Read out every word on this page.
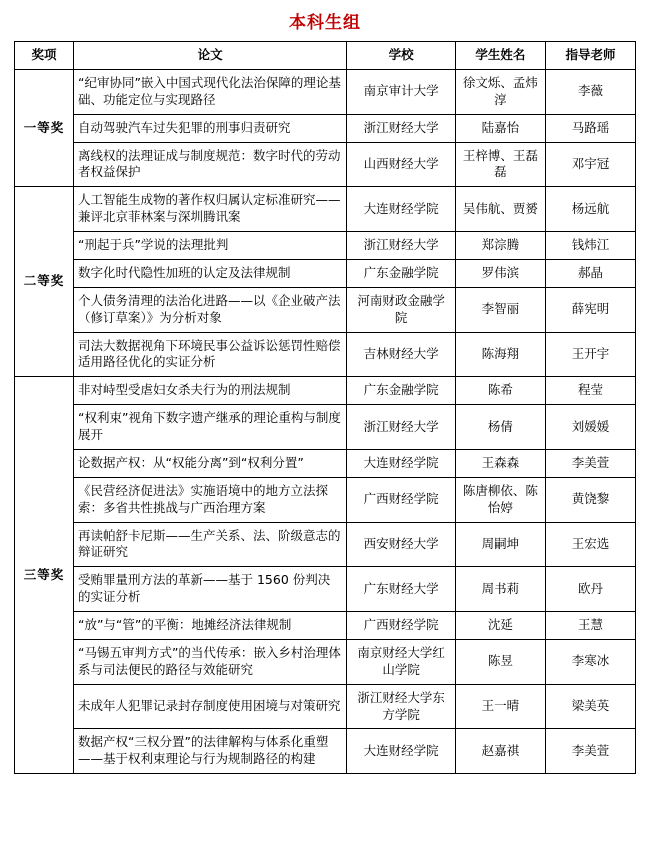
本科生组
奖项	论文	学校	学生姓名	指导老师
一等奖	“纪审协同”嵌入中国式现代化法治保障的理论基础、功能定位与实现路径	南京审计大学	徐文烁、孟炜淳	李薇
	自动驾驶汽车过失犯罪的刑事归责研究	浙江财经大学	陆嘉怡	马路瑶
	离线权的法理证成与制度规范：数字时代的劳动者权益保护	山西财经大学	王梓博、王磊磊	邓宇冠
二等奖	人工智能生成物的著作权归属认定标准研究——兼评北京菲林案与深圳腾讯案	大连财经学院	吴伟航、贾赟	杨远航
	“刑起于兵”学说的法理批判	浙江财经大学	郑淙腾	钱炜江
	数字化时代隐性加班的认定及法律规制	广东金融学院	罗伟滨	郝晶
	个人债务清理的法治化进路——以《企业破产法（修订草案）》为分析对象	河南财政金融学院	李智丽	薛宪明
	司法大数据视角下环境民事公益诉讼惩罚性赔偿适用路径优化的实证分析	吉林财经大学	陈海翔	王开宇
三等奖	非对峙型受虐妇女杀夫行为的刑法规制	广东金融学院	陈希	程莹
	“权利束”视角下数字遗产继承的理论重构与制度展开	浙江财经大学	杨倩	刘媛媛
	论数据产权：从“权能分离”到“权利分置”	大连财经学院	王森森	李美萱
	《民营经济促进法》实施语境中的地方立法探索：多省共性挑战与广西治理方案	广西财经学院	陈唐柳依、陈怡婷	黄饶黎
	再读帕舒卡尼斯——生产关系、法、阶级意志的辩证研究	西安财经大学	周嗣坤	王宏选
	受贿罪量刑方法的革新——基于 1560 份判决的实证分析	广东财经大学	周书莉	欧丹
	“放”与“管”的平衡：地摊经济法律规制	广西财经学院	沈延	王慧
	“马锡五审判方式”的当代传承：嵌入乡村治理体系与司法便民的路径与效能研究	南京财经大学红山学院	陈昱	李寒冰
	未成年人犯罪记录封存制度使用困境与对策研究	浙江财经大学东方学院	王一晴	梁美英
	数据产权“三权分置”的法律解构与体系化重塑——基于权利束理论与行为规制路径的构建	大连财经学院	赵嘉祺	李美萱
